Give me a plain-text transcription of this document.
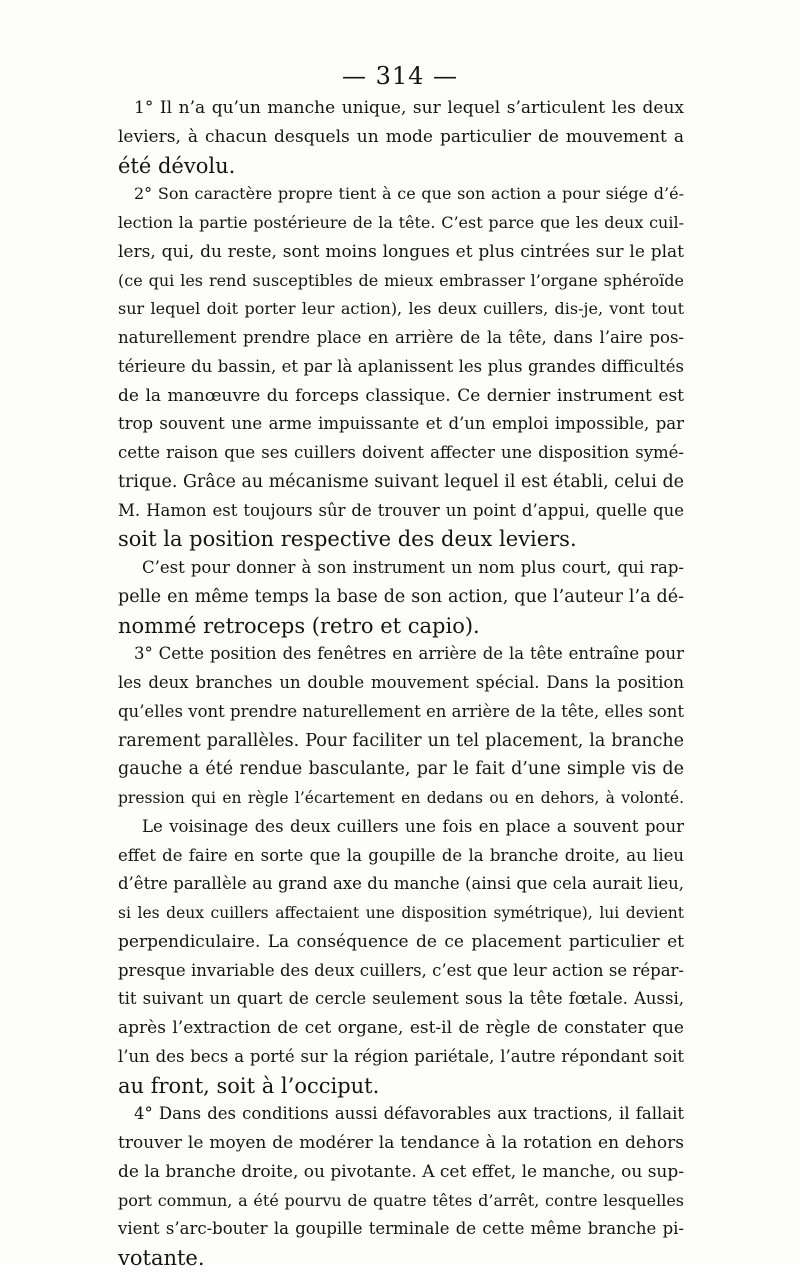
— 314 —
1° Il n’a qu’un manche unique, sur lequel s’articulent les deux
leviers, à chacun desquels un mode particulier de mouvement a
été dévolu.
2° Son caractère propre tient à ce que son action a pour siége d’é-
lection la partie postérieure de la tête. C’est parce que les deux cuil-
lers, qui, du reste, sont moins longues et plus cintrées sur le plat
(ce qui les rend susceptibles de mieux embrasser l’organe sphéroïde
sur lequel doit porter leur action), les deux cuillers, dis-je, vont tout
naturellement prendre place en arrière de la tête, dans l’aire pos-
térieure du bassin, et par là aplanissent les plus grandes difficultés
de la manœuvre du forceps classique. Ce dernier instrument est
trop souvent une arme impuissante et d’un emploi impossible, par
cette raison que ses cuillers doivent affecter une disposition symé-
trique. Grâce au mécanisme suivant lequel il est établi, celui de
M. Hamon est toujours sûr de trouver un point d’appui, quelle que
soit la position respective des deux leviers.
C’est pour donner à son instrument un nom plus court, qui rap-
pelle en même temps la base de son action, que l’auteur l’a dé-
nommé retroceps (retro et capio).
3° Cette position des fenêtres en arrière de la tête entraîne pour
les deux branches un double mouvement spécial. Dans la position
qu’elles vont prendre naturellement en arrière de la tête, elles sont
rarement parallèles. Pour faciliter un tel placement, la branche
gauche a été rendue basculante, par le fait d’une simple vis de
pression qui en règle l’écartement en dedans ou en dehors, à volonté.
Le voisinage des deux cuillers une fois en place a souvent pour
effet de faire en sorte que la goupille de la branche droite, au lieu
d’être parallèle au grand axe du manche (ainsi que cela aurait lieu,
si les deux cuillers affectaient une disposition symétrique), lui devient
perpendiculaire. La conséquence de ce placement particulier et
presque invariable des deux cuillers, c’est que leur action se répar-
tit suivant un quart de cercle seulement sous la tête fœtale. Aussi,
après l’extraction de cet organe, est-il de règle de constater que
l’un des becs a porté sur la région pariétale, l’autre répondant soit
au front, soit à l’occiput.
4° Dans des conditions aussi défavorables aux tractions, il fallait
trouver le moyen de modérer la tendance à la rotation en dehors
de la branche droite, ou pivotante. A cet effet, le manche, ou sup-
port commun, a été pourvu de quatre têtes d’arrêt, contre lesquelles
vient s’arc-bouter la goupille terminale de cette même branche pi-
votante.
